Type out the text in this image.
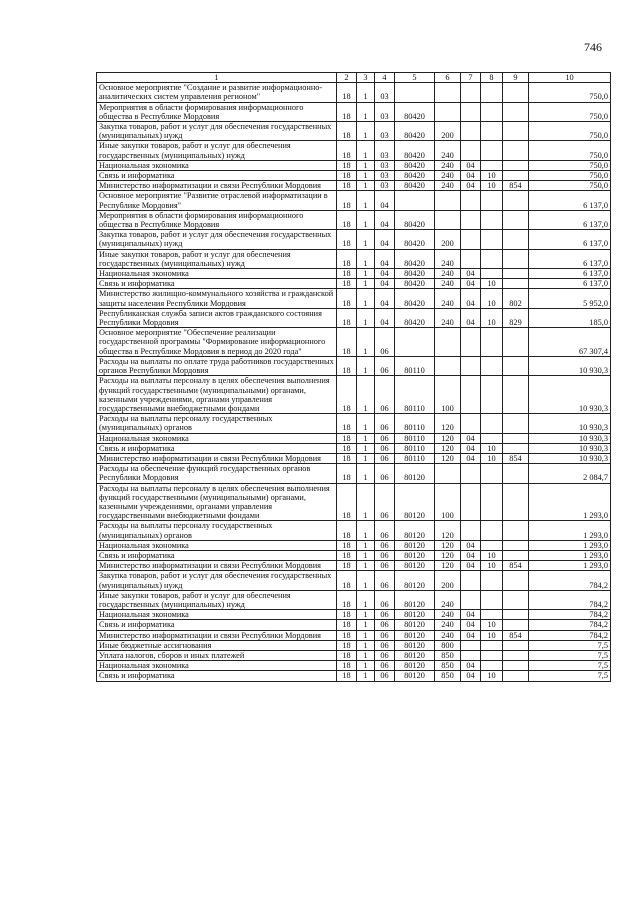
746
1	2	3	4	5	6	7	8	9	10
Основное мероприятие "Создание и развитие информационно-аналитических систем управления регионом"	18	1	03						750,0
Мероприятия в области формирования информационного общества в Республике Мордовия	18	1	03	80420					750,0
Закупка товаров, работ и услуг для обеспечения государственных (муниципальных) нужд	18	1	03	80420	200				750,0
Иные закупки товаров, работ и услуг для обеспечения государственных (муниципальных) нужд	18	1	03	80420	240				750,0
Национальная экономика	18	1	03	80420	240	04			750,0
Связь и информатика	18	1	03	80420	240	04	10		750,0
Министерство информатизации и связи Республики Мордовия	18	1	03	80420	240	04	10	854	750,0
Основное мероприятие "Развитие отраслевой информатизации в Республике Мордовия"	18	1	04						6 137,0
Мероприятия в области формирования информационного общества в Республике Мордовия	18	1	04	80420					6 137,0
Закупка товаров, работ и услуг для обеспечения государственных (муниципальных) нужд	18	1	04	80420	200				6 137,0
Иные закупки товаров, работ и услуг для обеспечения государственных (муниципальных) нужд	18	1	04	80420	240				6 137,0
Национальная экономика	18	1	04	80420	240	04			6 137,0
Связь и информатика	18	1	04	80420	240	04	10		6 137,0
Министерство жилищно-коммунального хозяйства и гражданской защиты населения Республики Мордовия	18	1	04	80420	240	04	10	802	5 952,0
Республиканская служба записи актов гражданского состояния Республики Мордовия	18	1	04	80420	240	04	10	829	185,0
Основное мероприятие "Обеспечение реализации государственной программы "Формирование информационного общества в Республике Мордовия в период до 2020 года"	18	1	06						67 307,4
Расходы на выплаты по оплате труда работников государственных органов Республики Мордовия	18	1	06	80110					10 930,3
Расходы на выплаты персоналу в целях обеспечения выполнения функций государственными (муниципальными) органами, казенными учреждениями, органами управления государственными внебюджетными фондами	18	1	06	80110	100				10 930,3
Расходы на выплаты персоналу государственных (муниципальных) органов	18	1	06	80110	120				10 930,3
Национальная экономика	18	1	06	80110	120	04			10 930,3
Связь и информатика	18	1	06	80110	120	04	10		10 930,3
Министерство информатизации и связи Республики Мордовия	18	1	06	80110	120	04	10	854	10 930,3
Расходы на обеспечение функций государственных органов Республики Мордовия	18	1	06	80120					2 084,7
Расходы на выплаты персоналу в целях обеспечения выполнения функций государственными (муниципальными) органами, казенными учреждениями, органами управления государственными внебюджетными фондами	18	1	06	80120	100				1 293,0
Расходы на выплаты персоналу государственных (муниципальных) органов	18	1	06	80120	120				1 293,0
Национальная экономика	18	1	06	80120	120	04			1 293,0
Связь и информатика	18	1	06	80120	120	04	10		1 293,0
Министерство информатизации и связи Республики Мордовия	18	1	06	80120	120	04	10	854	1 293,0
Закупка товаров, работ и услуг для обеспечения государственных (муниципальных) нужд	18	1	06	80120	200				784,2
Иные закупки товаров, работ и услуг для обеспечения государственных (муниципальных) нужд	18	1	06	80120	240				784,2
Национальная экономика	18	1	06	80120	240	04			784,2
Связь и информатика	18	1	06	80120	240	04	10		784,2
Министерство информатизации и связи Республики Мордовия	18	1	06	80120	240	04	10	854	784,2
Иные бюджетные ассигнования	18	1	06	80120	800				7,5
Уплата налогов, сборов и иных платежей	18	1	06	80120	850				7,5
Национальная экономика	18	1	06	80120	850	04			7,5
Связь и информатика	18	1	06	80120	850	04	10		7,5
